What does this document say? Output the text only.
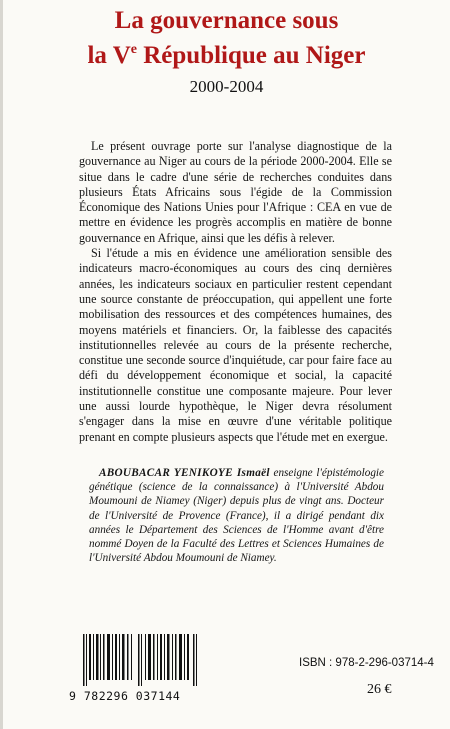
La gouvernance sous
la Ve République au Niger
2000-2004

Le présent ouvrage porte sur l'analyse diagnostique de la gouvernance au Niger au cours de la période 2000-2004. Elle se situe dans le cadre d'une série de recherches conduites dans plusieurs États Africains sous l'égide de la Commission Économique des Nations Unies pour l'Afrique : CEA en vue de mettre en évidence les progrès accomplis en matière de bonne gouvernance en Afrique, ainsi que les défis à relever.

Si l'étude a mis en évidence une amélioration sensible des indicateurs macro-économiques au cours des cinq dernières années, les indicateurs sociaux en particulier restent cependant une source constante de préoccupation, qui appellent une forte mobilisation des ressources et des compétences humaines, des moyens matériels et financiers. Or, la faiblesse des capacités institutionnelles relevée au cours de la présente recherche, constitue une seconde source d'inquiétude, car pour faire face au défi du développement économique et social, la capacité institutionnelle constitue une composante majeure. Pour lever une aussi lourde hypothèque, le Niger devra résolument s'engager dans la mise en œuvre d'une véritable politique prenant en compte plusieurs aspects que l'étude met en exergue.

ABOUBACAR YENIKOYE Ismaël enseigne l'épistémologie génétique (science de la connaissance) à l'Université Abdou Moumouni de Niamey (Niger) depuis plus de vingt ans. Docteur de l'Université de Provence (France), il a dirigé pendant dix années le Département des Sciences de l'Homme avant d'être nommé Doyen de la Faculté des Lettres et Sciences Humaines de l'Université Abdou Moumouni de Niamey.

9 782296 037144
ISBN : 978-2-296-03714-4
26 €
